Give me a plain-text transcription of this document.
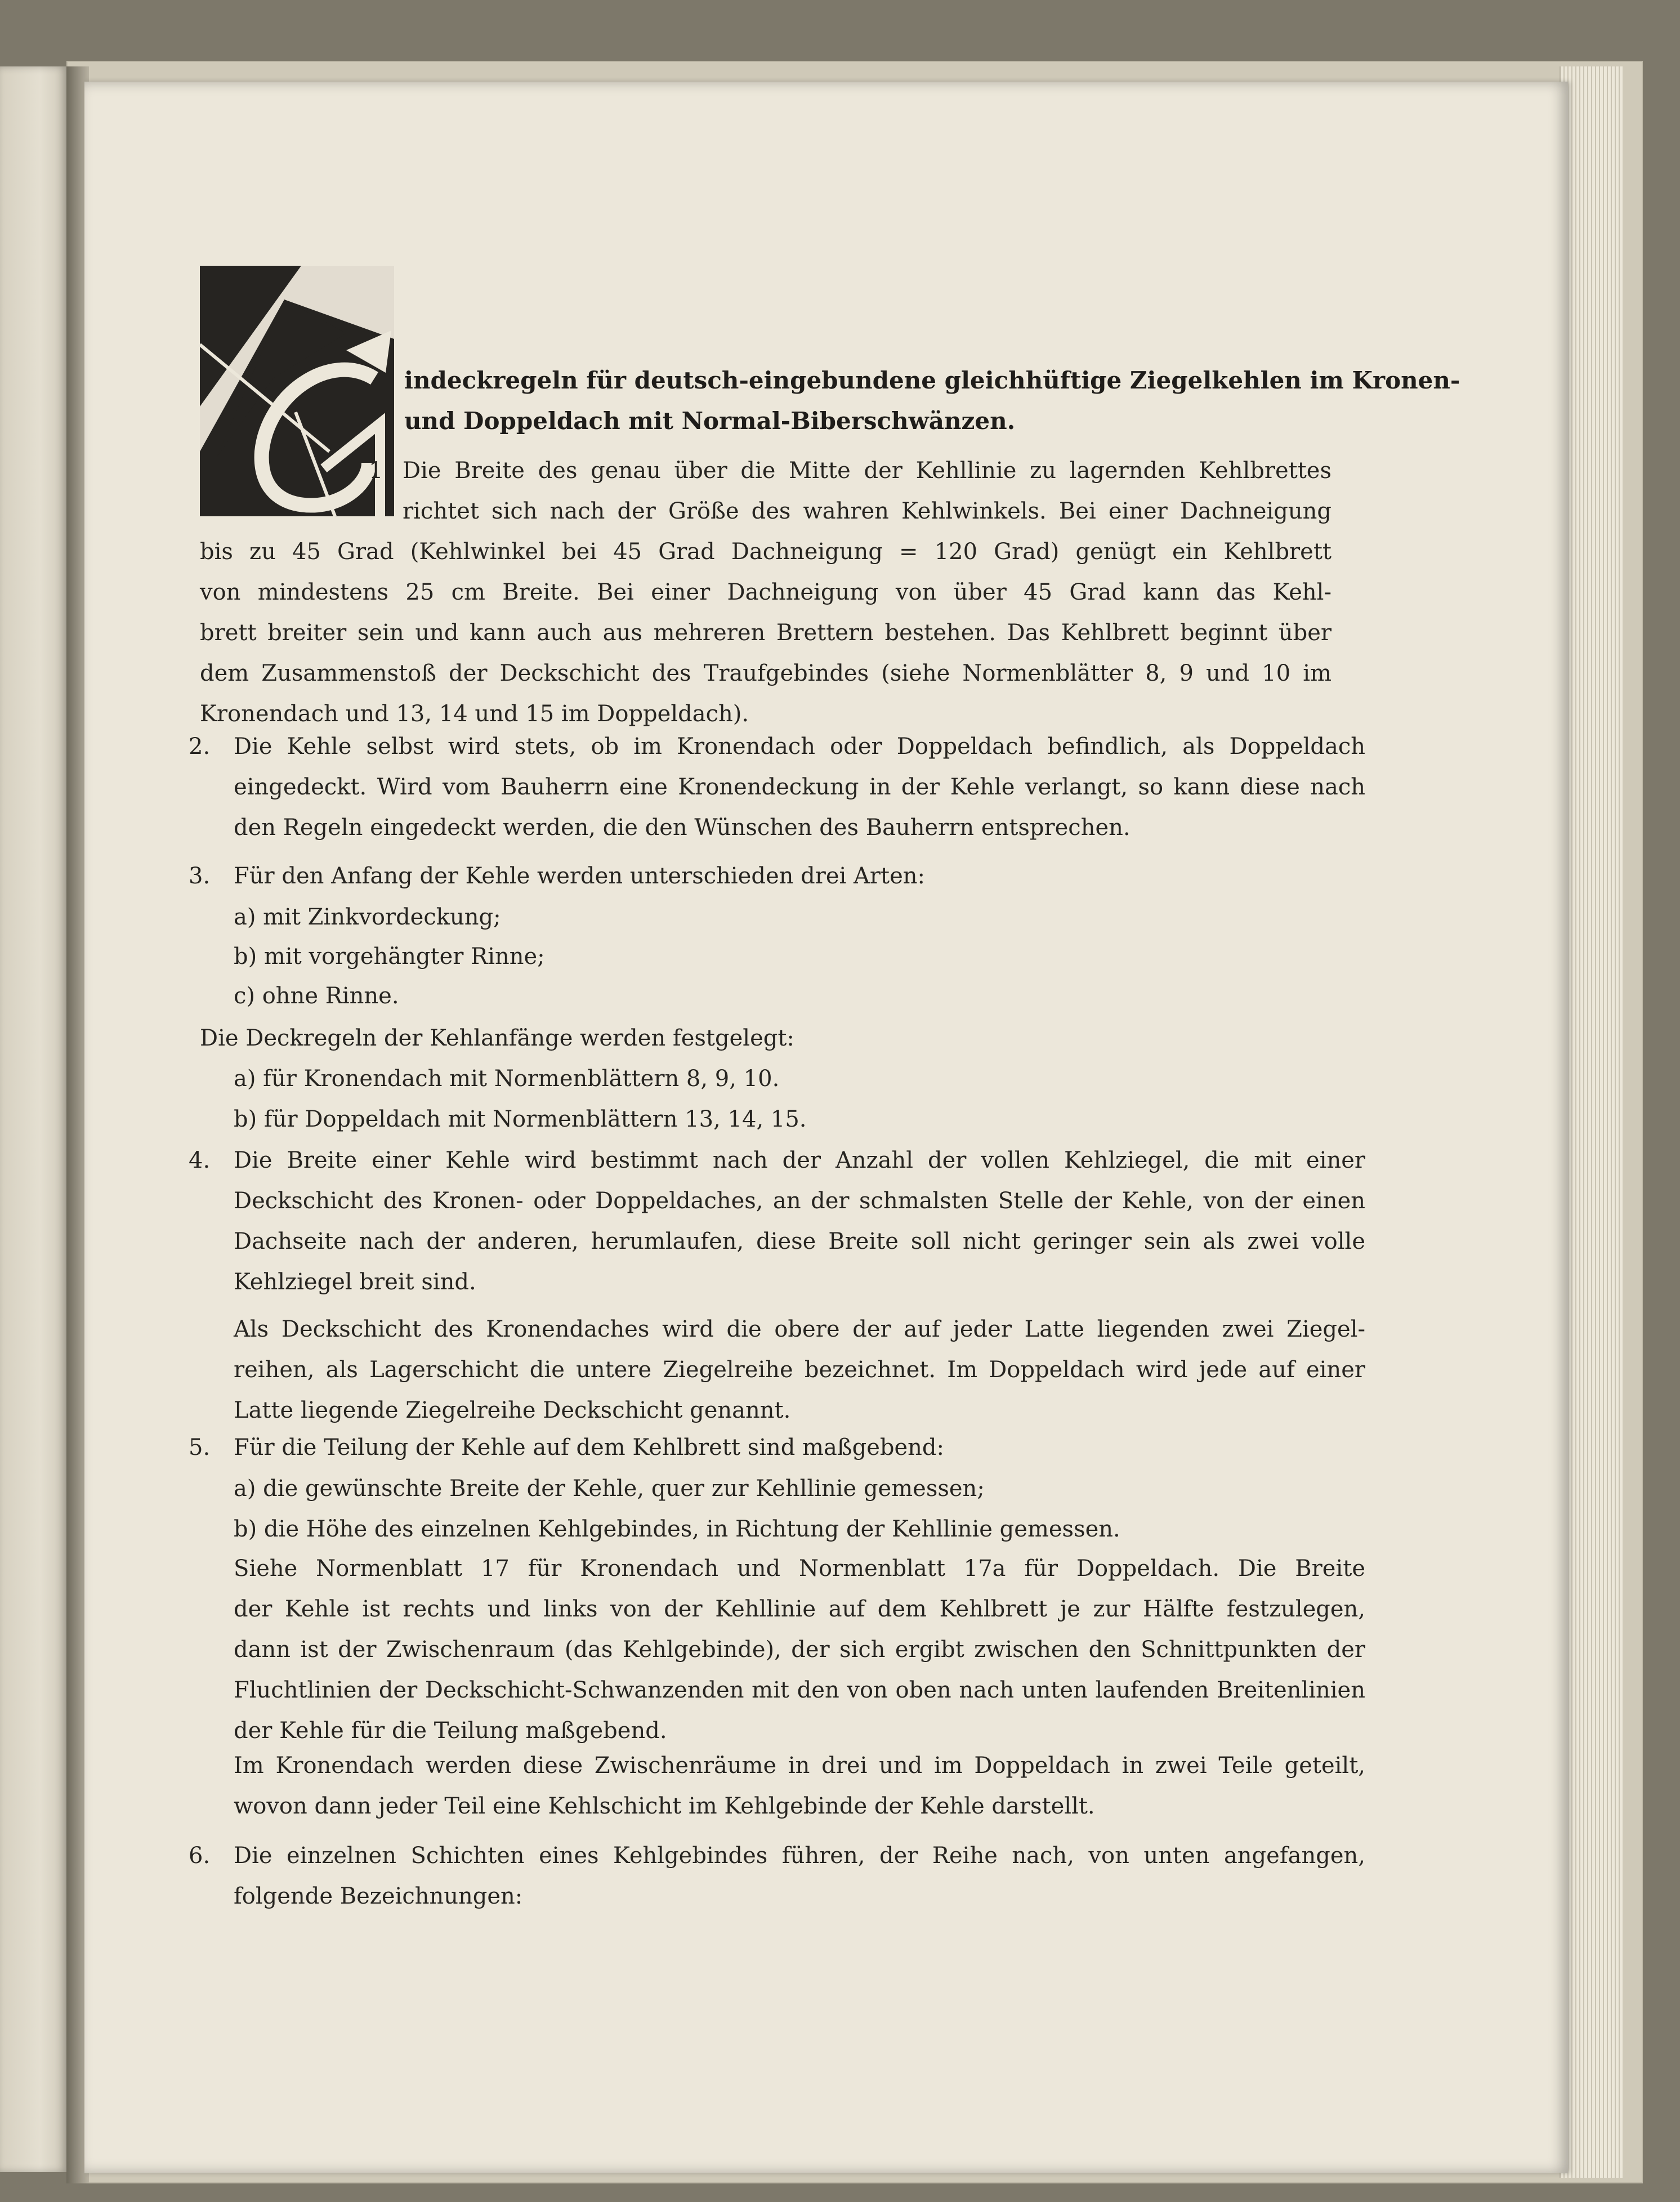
indeckregeln für deutsch-eingebundene gleichhüftige Ziegelkehlen im Kronen-
und Doppeldach mit Normal-Biberschwänzen.
1. Die Breite des genau über die Mitte der Kehllinie zu lagernden Kehlbrettes
richtet sich nach der Größe des wahren Kehlwinkels. Bei einer Dachneigung
bis zu 45 Grad (Kehlwinkel bei 45 Grad Dachneigung = 120 Grad) genügt ein Kehlbrett
von mindestens 25 cm Breite. Bei einer Dachneigung von über 45 Grad kann das Kehl-
brett breiter sein und kann auch aus mehreren Brettern bestehen. Das Kehlbrett beginnt über
dem Zusammenstoß der Deckschicht des Traufgebindes (siehe Normenblätter 8, 9 und 10 im
Kronendach und 13, 14 und 15 im Doppeldach).
2. Die Kehle selbst wird stets, ob im Kronendach oder Doppeldach befindlich, als Doppeldach
eingedeckt. Wird vom Bauherrn eine Kronendeckung in der Kehle verlangt, so kann diese nach
den Regeln eingedeckt werden, die den Wünschen des Bauherrn entsprechen.
3. Für den Anfang der Kehle werden unterschieden drei Arten:
a) mit Zinkvordeckung;
b) mit vorgehängter Rinne;
c) ohne Rinne.
Die Deckregeln der Kehlanfänge werden festgelegt:
a) für Kronendach mit Normenblättern 8, 9, 10.
b) für Doppeldach mit Normenblättern 13, 14, 15.
4. Die Breite einer Kehle wird bestimmt nach der Anzahl der vollen Kehlziegel, die mit einer
Deckschicht des Kronen- oder Doppeldaches, an der schmalsten Stelle der Kehle, von der einen
Dachseite nach der anderen, herumlaufen, diese Breite soll nicht geringer sein als zwei volle
Kehlziegel breit sind.
Als Deckschicht des Kronendaches wird die obere der auf jeder Latte liegenden zwei Ziegel-
reihen, als Lagerschicht die untere Ziegelreihe bezeichnet. Im Doppeldach wird jede auf einer
Latte liegende Ziegelreihe Deckschicht genannt.
5. Für die Teilung der Kehle auf dem Kehlbrett sind maßgebend:
a) die gewünschte Breite der Kehle, quer zur Kehllinie gemessen;
b) die Höhe des einzelnen Kehlgebindes, in Richtung der Kehllinie gemessen.
Siehe Normenblatt 17 für Kronendach und Normenblatt 17a für Doppeldach. Die Breite
der Kehle ist rechts und links von der Kehllinie auf dem Kehlbrett je zur Hälfte festzulegen,
dann ist der Zwischenraum (das Kehlgebinde), der sich ergibt zwischen den Schnittpunkten der
Fluchtlinien der Deckschicht-Schwanzenden mit den von oben nach unten laufenden Breitenlinien
der Kehle für die Teilung maßgebend.
Im Kronendach werden diese Zwischenräume in drei und im Doppeldach in zwei Teile geteilt,
wovon dann jeder Teil eine Kehlschicht im Kehlgebinde der Kehle darstellt.
6. Die einzelnen Schichten eines Kehlgebindes führen, der Reihe nach, von unten angefangen,
folgende Bezeichnungen:
